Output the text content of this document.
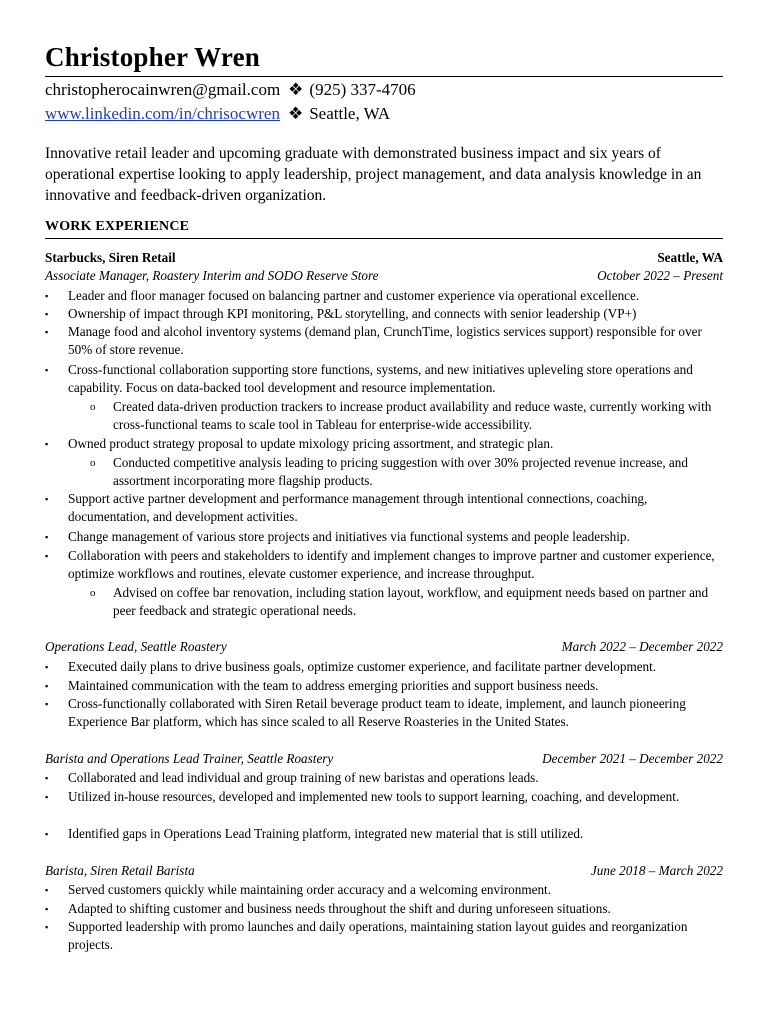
Christopher Wren
christopherocainwren@gmail.com ❖ (925) 337-4706
www.linkedin.com/in/chrisocwren ❖ Seattle, WA
Innovative retail leader and upcoming graduate with demonstrated business impact and six years of operational expertise looking to apply leadership, project management, and data analysis knowledge in an innovative and feedback-driven organization.
WORK EXPERIENCE
Starbucks, Siren Retail	Seattle, WA
Associate Manager, Roastery Interim and SODO Reserve Store	October 2022 – Present
▪ Leader and floor manager focused on balancing partner and customer experience via operational excellence.
▪ Ownership of impact through KPI monitoring, P&L storytelling, and connects with senior leadership (VP+)
▪ Manage food and alcohol inventory systems (demand plan, CrunchTime, logistics services support) responsible for over 50% of store revenue.
▪ Cross-functional collaboration supporting store functions, systems, and new initiatives upleveling store operations and capability. Focus on data-backed tool development and resource implementation.
o Created data-driven production trackers to increase product availability and reduce waste, currently working with cross-functional teams to scale tool in Tableau for enterprise-wide accessibility.
▪ Owned product strategy proposal to update mixology pricing assortment, and strategic plan.
o Conducted competitive analysis leading to pricing suggestion with over 30% projected revenue increase, and assortment incorporating more flagship products.
▪ Support active partner development and performance management through intentional connections, coaching, documentation, and development activities.
▪ Change management of various store projects and initiatives via functional systems and people leadership.
▪ Collaboration with peers and stakeholders to identify and implement changes to improve partner and customer experience, optimize workflows and routines, elevate customer experience, and increase throughput.
o Advised on coffee bar renovation, including station layout, workflow, and equipment needs based on partner and peer feedback and strategic operational needs.
Operations Lead, Seattle Roastery	March 2022 – December 2022
▪ Executed daily plans to drive business goals, optimize customer experience, and facilitate partner development.
▪ Maintained communication with the team to address emerging priorities and support business needs.
▪ Cross-functionally collaborated with Siren Retail beverage product team to ideate, implement, and launch pioneering Experience Bar platform, which has since scaled to all Reserve Roasteries in the United States.
Barista and Operations Lead Trainer, Seattle Roastery	December 2021 – December 2022
▪ Collaborated and lead individual and group training of new baristas and operations leads.
▪ Utilized in-house resources, developed and implemented new tools to support learning, coaching, and development.
▪ Identified gaps in Operations Lead Training platform, integrated new material that is still utilized.
Barista, Siren Retail Barista	June 2018 – March 2022
▪ Served customers quickly while maintaining order accuracy and a welcoming environment.
▪ Adapted to shifting customer and business needs throughout the shift and during unforeseen situations.
▪ Supported leadership with promo launches and daily operations, maintaining station layout guides and reorganization projects.
